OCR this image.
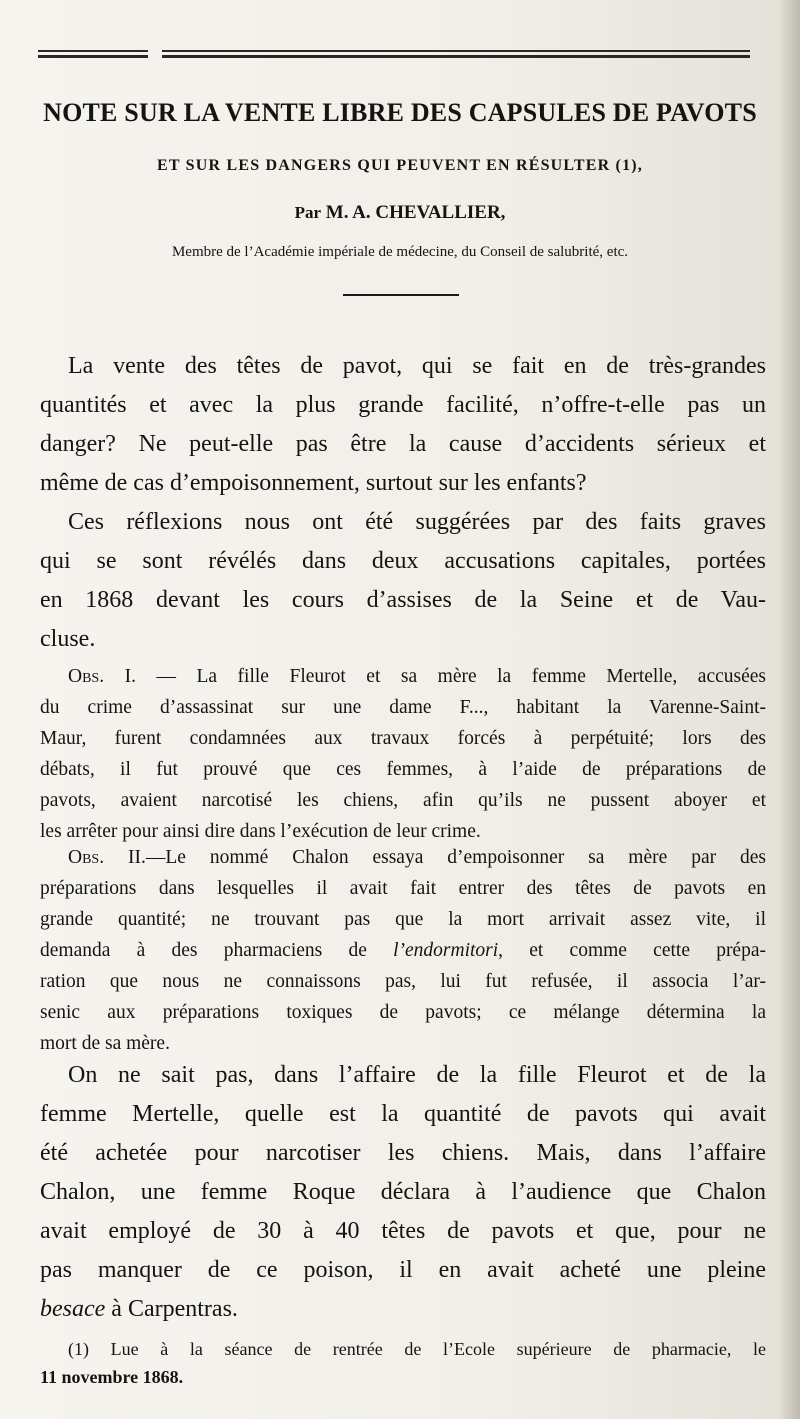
NOTE SUR LA VENTE LIBRE DES CAPSULES DE PAVOTS
ET SUR LES DANGERS QUI PEUVENT EN RÉSULTER (1),
Par M. A. CHEVALLIER,
Membre de l’Académie impériale de médecine, du Conseil de salubrité, etc.

La vente des têtes de pavot, qui se fait en de très-grandes
quantités et avec la plus grande facilité, n’offre-t-elle pas un
danger? Ne peut-elle pas être la cause d’accidents sérieux et
même de cas d’empoisonnement, surtout sur les enfants?

Ces réflexions nous ont été suggérées par des faits graves
qui se sont révélés dans deux accusations capitales, portées
en 1868 devant les cours d’assises de la Seine et de Vau-
cluse.

Obs. I. — La fille Fleurot et sa mère la femme Mertelle, accusées
du crime d’assassinat sur une dame F..., habitant la Varenne-Saint-
Maur, furent condamnées aux travaux forcés à perpétuité; lors des
débats, il fut prouvé que ces femmes, à l’aide de préparations de
pavots, avaient narcotisé les chiens, afin qu’ils ne pussent aboyer et
les arrêter pour ainsi dire dans l’exécution de leur crime.

Obs. II.—Le nommé Chalon essaya d’empoisonner sa mère par des
préparations dans lesquelles il avait fait entrer des têtes de pavots en
grande quantité; ne trouvant pas que la mort arrivait assez vite, il
demanda à des pharmaciens de l’endormitori, et comme cette prépa-
ration que nous ne connaissons pas, lui fut refusée, il associa l’ar-
senic aux préparations toxiques de pavots; ce mélange détermina la
mort de sa mère.

On ne sait pas, dans l’affaire de la fille Fleurot et de la
femme Mertelle, quelle est la quantité de pavots qui avait
été achetée pour narcotiser les chiens. Mais, dans l’affaire
Chalon, une femme Roque déclara à l’audience que Chalon
avait employé de 30 à 40 têtes de pavots et que, pour ne
pas manquer de ce poison, il en avait acheté une pleine
besace à Carpentras.

(1) Lue à la séance de rentrée de l’Ecole supérieure de pharmacie, le
11 novembre 1868.
